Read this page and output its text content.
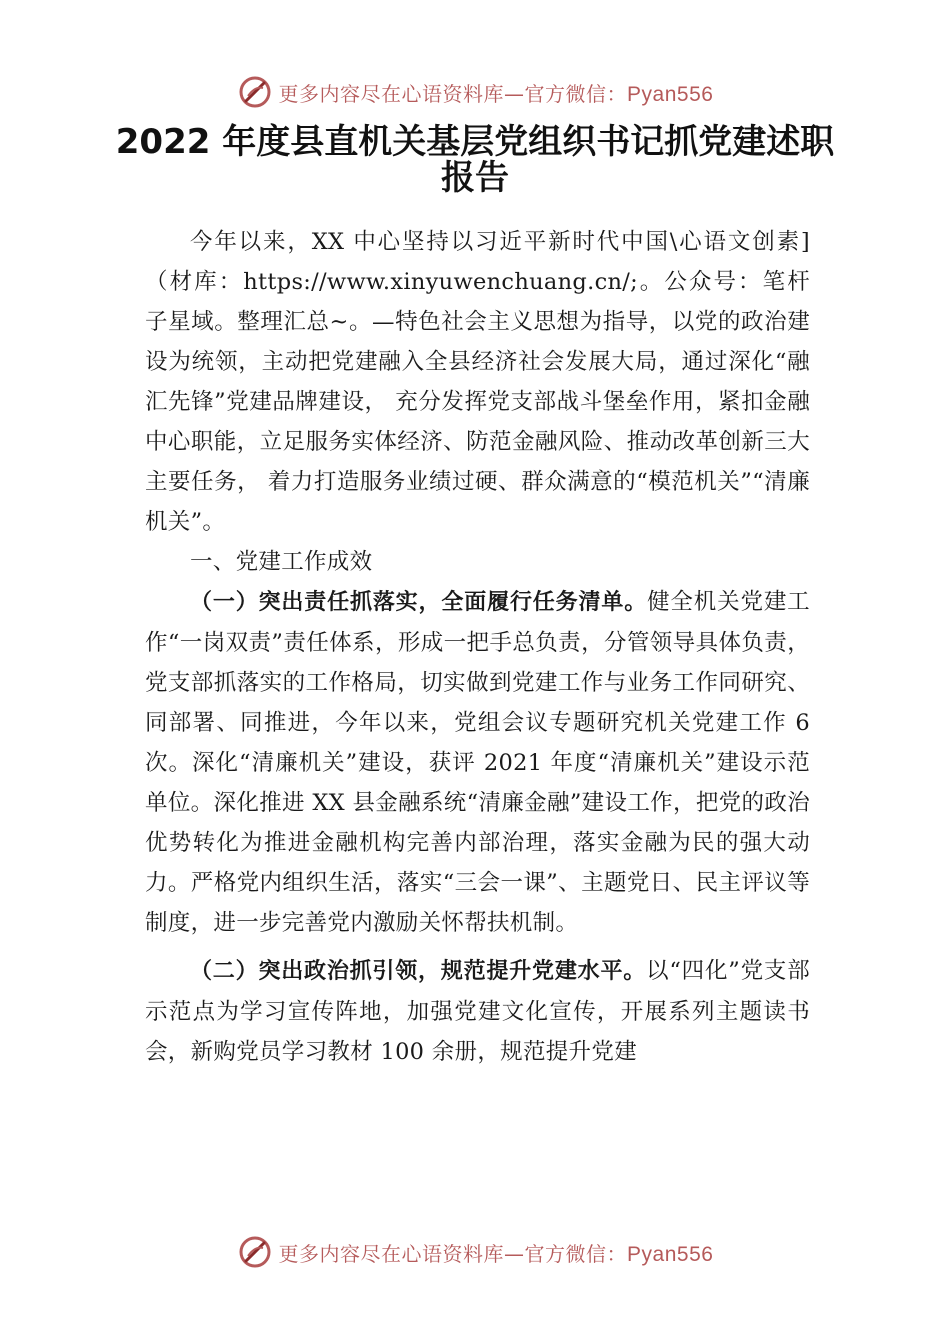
更多内容尽在心语资料库—官方微信：Pyan556
2022 年度县直机关基层党组织书记抓党建述职报告

今年以来，XX 中心坚持以习近平新时代中国\心语文创素]（材库：https://www.xinyuwenchuang.cn/;。公众号：笔杆子星域。整理汇总~。—特色社会主义思想为指导，以党的政治建设为统领，主动把党建融入全县经济社会发展大局，通过深化“融汇先锋”党建品牌建设， 充分发挥党支部战斗堡垒作用，紧扣金融中心职能，立足服务实体经济、防范金融风险、推动改革创新三大主要任务， 着力打造服务业绩过硬、群众满意的“模范机关”“清廉机关”。

一、党建工作成效

（一）突出责任抓落实，全面履行任务清单。健全机关党建工作“一岗双责”责任体系，形成一把手总负责，分管领导具体负责，党支部抓落实的工作格局，切实做到党建工作与业务工作同研究、同部署、同推进，今年以来，党组会议专题研究机关党建工作 6 次。深化“清廉机关”建设，获评 2021 年度“清廉机关”建设示范单位。深化推进 XX 县金融系统“清廉金融”建设工作，把党的政治优势转化为推进金融机构完善内部治理，落实金融为民的强大动力。严格党内组织生活，落实“三会一课”、主题党日、民主评议等制度，进一步完善党内激励关怀帮扶机制。

（二）突出政治抓引领，规范提升党建水平。以“四化”党支部示范点为学习宣传阵地，加强党建文化宣传，开展系列主题读书会，新购党员学习教材 100 余册，规范提升党建

更多内容尽在心语资料库—官方微信：Pyan556
